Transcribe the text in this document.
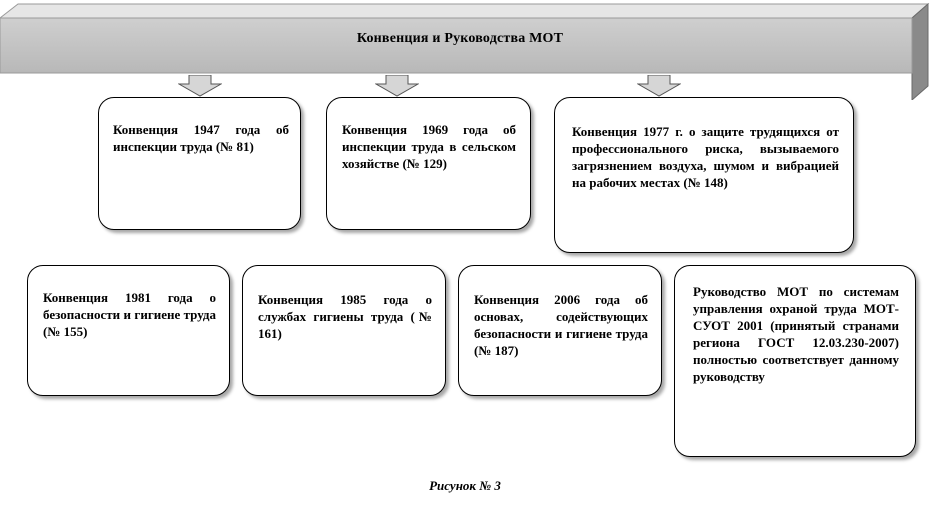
Конвенция и Руководства МОТ
Конвенция 1947 года об инспекции труда (№ 81)
Конвенция 1969 года об инспекции труда в сельском хозяйстве (№ 129)
Конвенция 1977 г. о защите трудящихся от профессионального риска, вызываемого загрязнением воздуха, шумом и вибрацией на рабочих местах (№ 148)
Конвенция 1981 года о безопасности и гигиене труда (№ 155)
Конвенция 1985 года о службах гигиены труда (№ 161)
Конвенция 2006 года об основах, содействующих безопасности и гигиене труда (№ 187)
Руководство МОТ по системам управления охраной труда МОТ-СУОТ 2001 (принятый странами региона ГОСТ 12.03.230-2007) полностью соответствует данному руководству
Рисунок № 3
